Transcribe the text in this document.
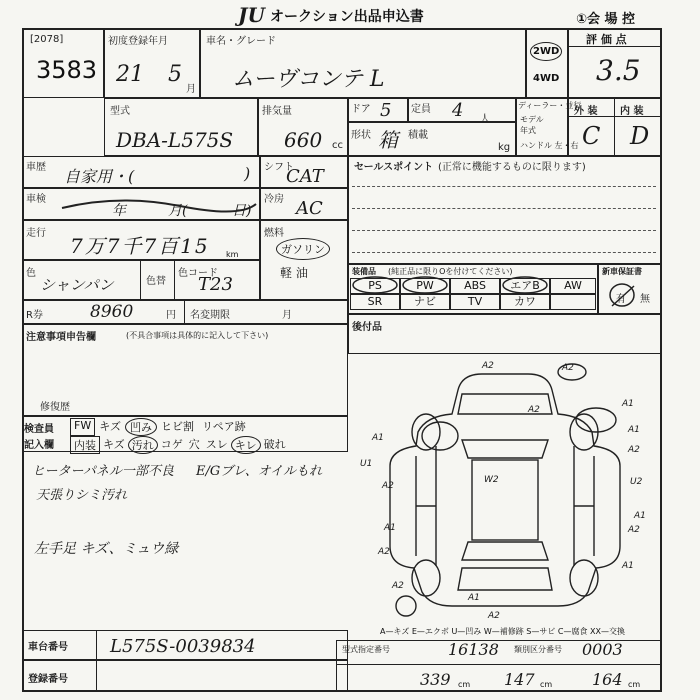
JU オークション出品申込書	①会 場 控
[2078]
3583
初度登録年月
21 5
月
車名・グレード
ムーヴコンテ L
2WD
4WD
評 価 点
3.5
型式
DBA-L575S
排気量
660 cc
ドア 5 定員 4 人
形状 箱 積載
kg
ディーラー・並行
モデル年式
ハンドル 左・右
外 装 内 装
C D
車歴 自家用・(	)
車検
年	月(	日)
走行
7万7千7百15 km
色
シャンパン	色替
色コード
T23
R券	8960	円 名変期限	月
シフト
CAT
冷房 AC
燃料
ガソリン
軽 油
注意事項申告欄	(不具合事項は具体的に記入して下さい)
修復歴
検査員
記入欄
FW キズ 凹み ヒビ割 リペア跡
内装 キズ 汚れ コゲ 穴 スレ キレ 破れ
ヒーターパネル一部不良
天張りシミ汚れ
E/Gブレ、オイルもれ
左手足 キズ、ミュウ緑
セールスポイント (正常に機能するものに限ります)
装備品 (純正品に限りOを付けてください)
PS	PW	ABS	エアB	AW
SR	ナビ	TV	カワ
新車保証書
有 無
後付品
A2	A2
A1
A2
A1
A1
A2
U1
W2
A2	U2
A1
A1	A2
A2
A1
A2
A1
A2
車台番号 L575S-0039834
登録番号
A—キズ E—エクボ U—凹み W—補修跡 S—サビ C—腐食 XX—交換
型式指定番号	16138 類別区分番号 0003
339 cm 147 cm 164 cm
